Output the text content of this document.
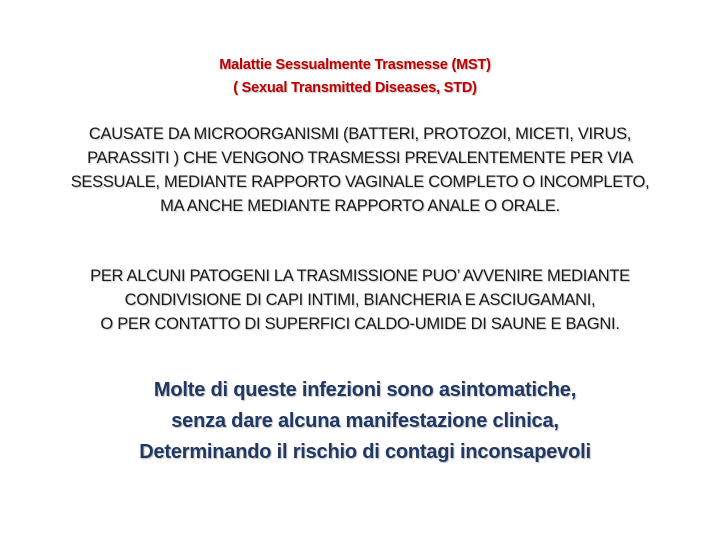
Malattie Sessualmente Trasmesse (MST)
( Sexual Transmitted Diseases, STD)
CAUSATE DA MICROORGANISMI (BATTERI, PROTOZOI, MICETI, VIRUS,
PARASSITI ) CHE VENGONO TRASMESSI PREVALENTEMENTE PER VIA
SESSUALE, MEDIANTE RAPPORTO VAGINALE COMPLETO O INCOMPLETO,
MA ANCHE MEDIANTE RAPPORTO ANALE O ORALE.
PER ALCUNI PATOGENI LA TRASMISSIONE PUO’ AVVENIRE MEDIANTE
CONDIVISIONE DI CAPI INTIMI, BIANCHERIA E ASCIUGAMANI,
O PER CONTATTO DI SUPERFICI CALDO-UMIDE DI SAUNE E BAGNI.
Molte di queste infezioni sono asintomatiche,
senza dare alcuna manifestazione clinica,
Determinando il rischio di contagi inconsapevoli
